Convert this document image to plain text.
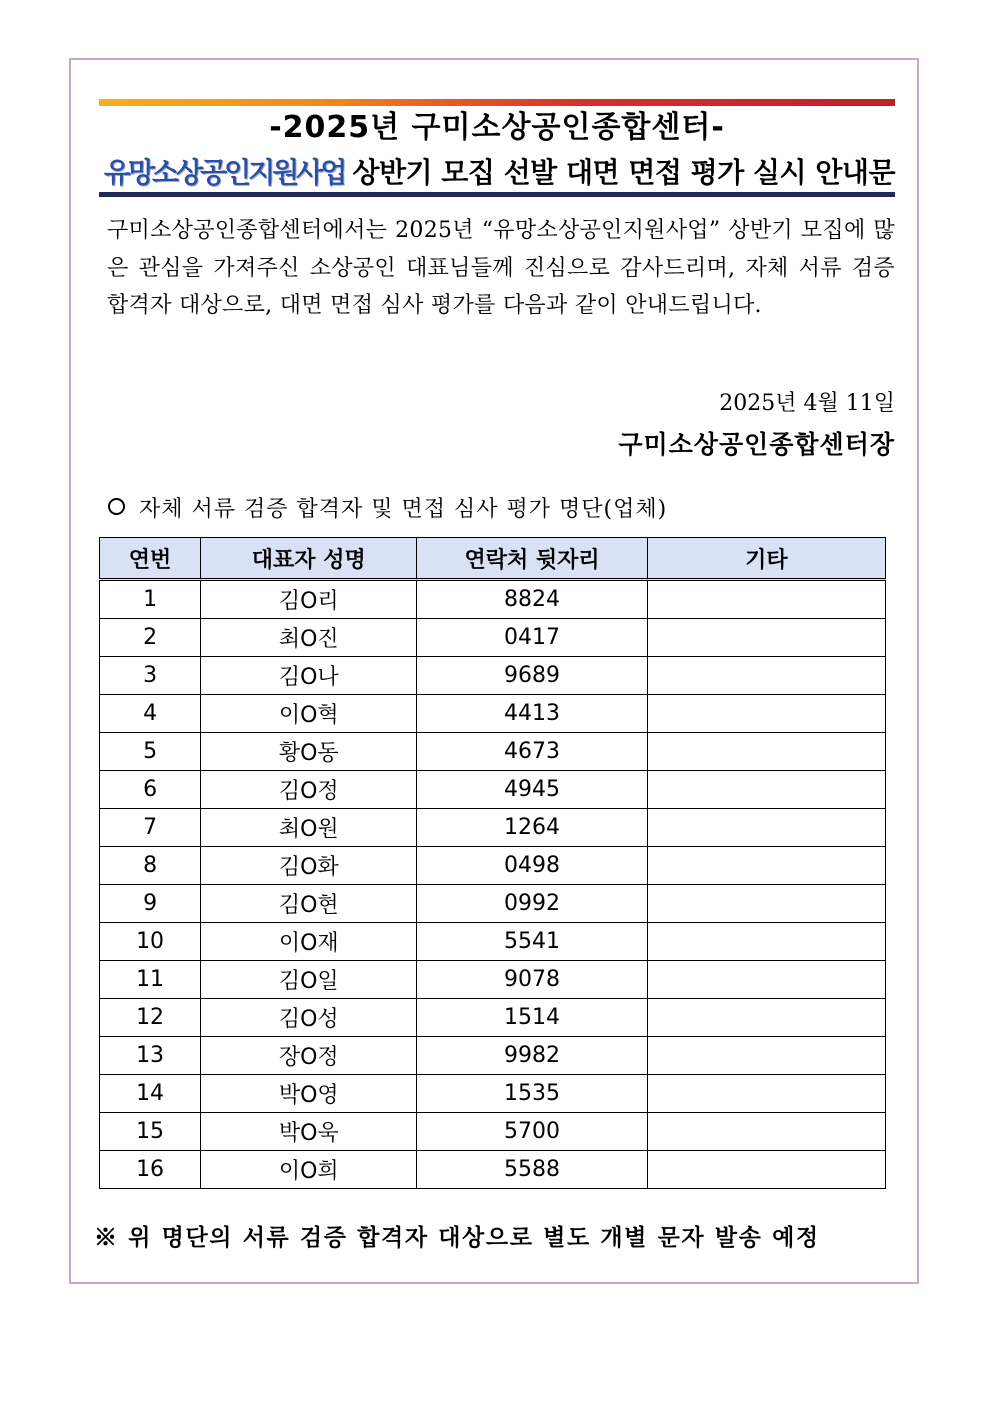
-2025년 구미소상공인종합센터-
유망소상공인지원사업 상반기 모집 선발 대면 면접 평가 실시 안내문
구미소상공인종합센터에서는 2025년 “유망소상공인지원사업” 상반기 모집에 많은 관심을 가져주신 소상공인 대표님들께 진심으로 감사드리며, 자체 서류 검증 합격자 대상으로, 대면 면접 심사 평가를 다음과 같이 안내드립니다.
2025년 4월 11일
구미소상공인종합센터장
자체 서류 검증 합격자 및 면접 심사 평가 명단(업체)
연번	대표자 성명	연락처 뒷자리	기타
1	김O리	8824	
2	최O진	0417	
3	김O나	9689	
4	이O혁	4413	
5	황O동	4673	
6	김O정	4945	
7	최O원	1264	
8	김O화	0498	
9	김O현	0992	
10	이O재	5541	
11	김O일	9078	
12	김O성	1514	
13	장O정	9982	
14	박O영	1535	
15	박O욱	5700	
16	이O희	5588	
※ 위 명단의 서류 검증 합격자 대상으로 별도 개별 문자 발송 예정
